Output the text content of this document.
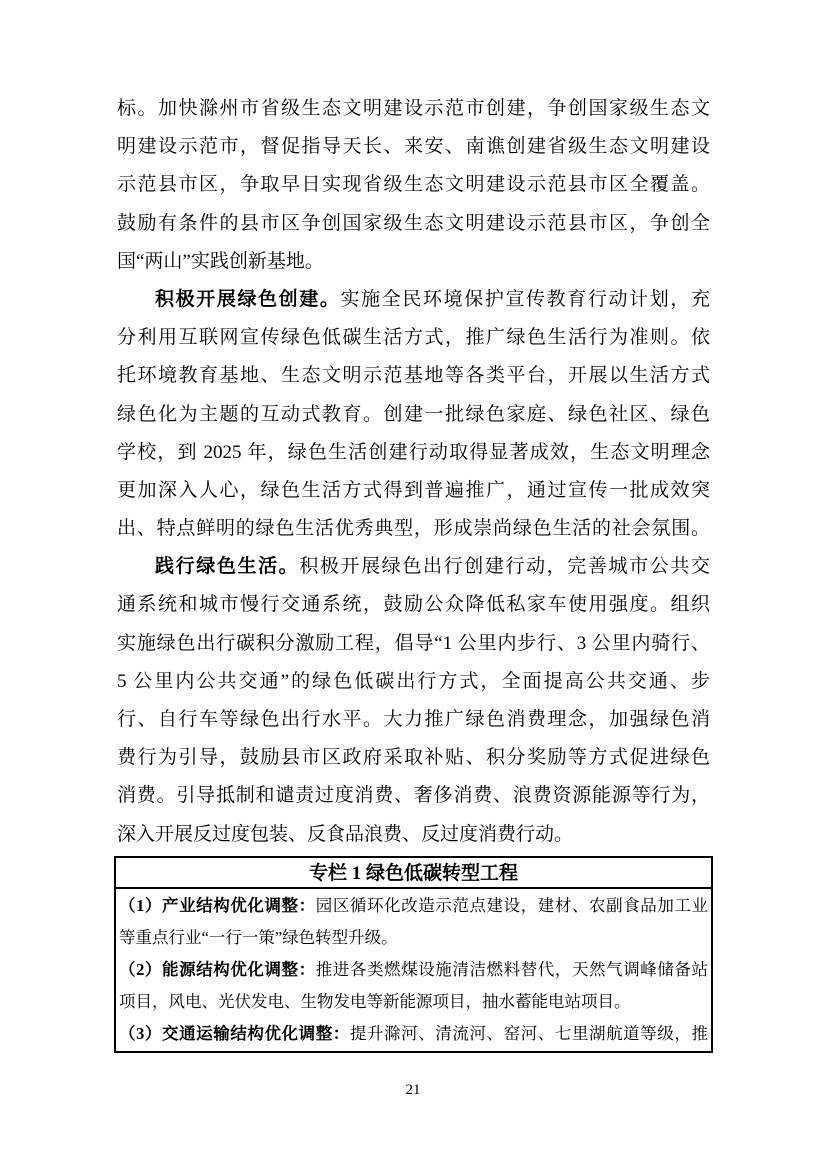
标。加快滁州市省级生态文明建设示范市创建，争创国家级生态文
明建设示范市，督促指导天长、来安、南谯创建省级生态文明建设
示范县市区，争取早日实现省级生态文明建设示范县市区全覆盖。
鼓励有条件的县市区争创国家级生态文明建设示范县市区，争创全
国“两山”实践创新基地。
积极开展绿色创建。实施全民环境保护宣传教育行动计划，充
分利用互联网宣传绿色低碳生活方式，推广绿色生活行为准则。依
托环境教育基地、生态文明示范基地等各类平台，开展以生活方式
绿色化为主题的互动式教育。创建一批绿色家庭、绿色社区、绿色
学校，到 2025 年，绿色生活创建行动取得显著成效，生态文明理念
更加深入人心，绿色生活方式得到普遍推广，通过宣传一批成效突
出、特点鲜明的绿色生活优秀典型，形成崇尚绿色生活的社会氛围。
践行绿色生活。积极开展绿色出行创建行动，完善城市公共交
通系统和城市慢行交通系统，鼓励公众降低私家车使用强度。组织
实施绿色出行碳积分激励工程，倡导“1 公里内步行、3 公里内骑行、
5 公里内公共交通”的绿色低碳出行方式，全面提高公共交通、步
行、自行车等绿色出行水平。大力推广绿色消费理念，加强绿色消
费行为引导，鼓励县市区政府采取补贴、积分奖励等方式促进绿色
消费。引导抵制和谴责过度消费、奢侈消费、浪费资源能源等行为，
深入开展反过度包装、反食品浪费、反过度消费行动。
专栏 1 绿色低碳转型工程
（1）产业结构优化调整：园区循环化改造示范点建设，建材、农副食品加工业
等重点行业“一行一策”绿色转型升级。
（2）能源结构优化调整：推进各类燃煤设施清洁燃料替代，天然气调峰储备站
项目，风电、光伏发电、生物发电等新能源项目，抽水蓄能电站项目。
（3）交通运输结构优化调整：提升滁河、清流河、窑河、七里湖航道等级，推
21
